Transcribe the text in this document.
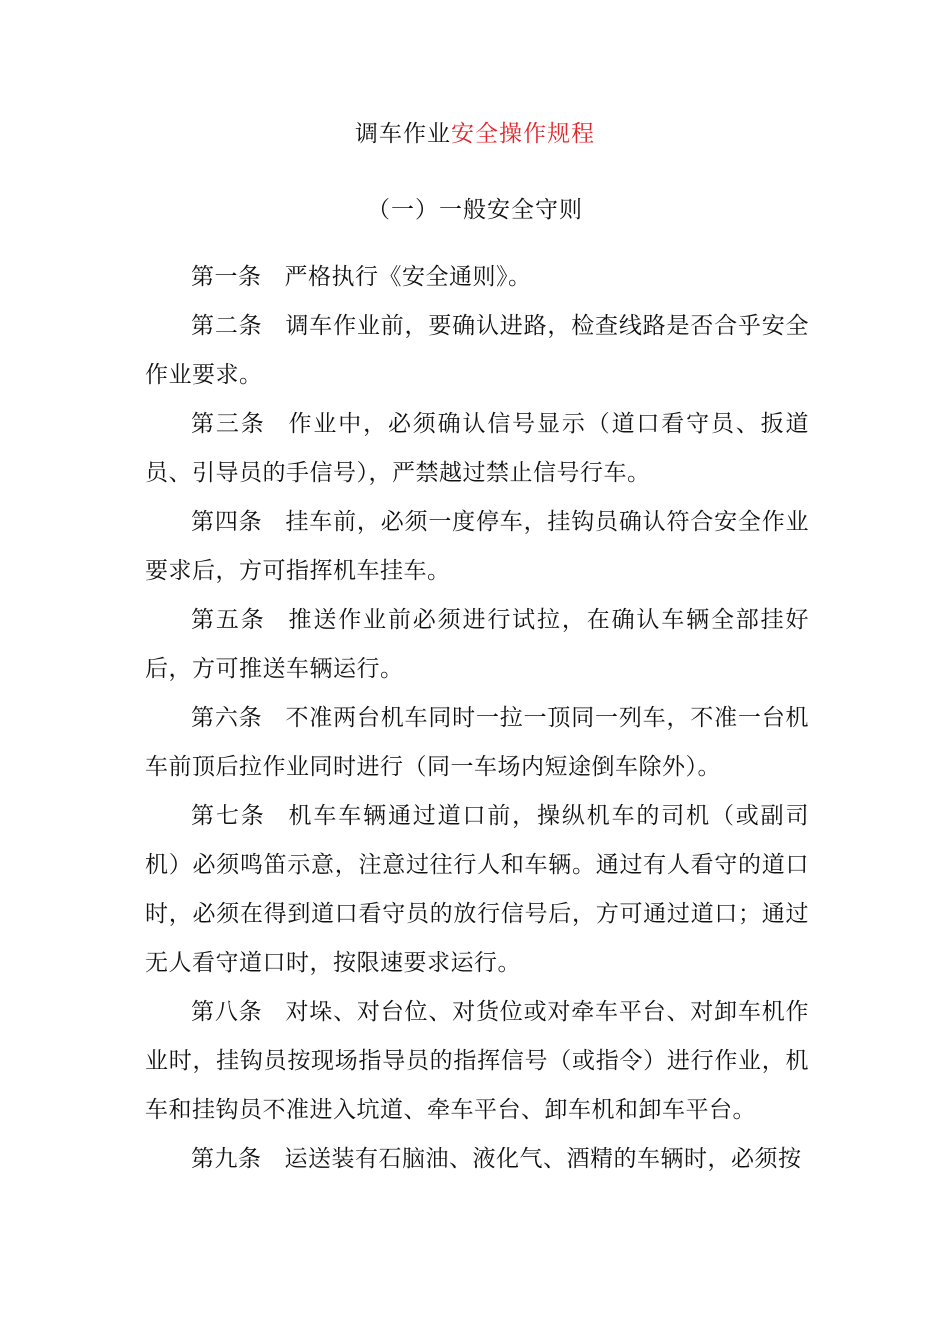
调车作业安全操作规程
（一）一般安全守则

第一条 严格执行《安全通则》。

第二条 调车作业前，要确认进路，检查线路是否合乎安全作业要求。

第三条 作业中，必须确认信号显示（道口看守员、扳道员、引导员的手信号），严禁越过禁止信号行车。

第四条 挂车前，必须一度停车，挂钩员确认符合安全作业要求后，方可指挥机车挂车。

第五条 推送作业前必须进行试拉，在确认车辆全部挂好后，方可推送车辆运行。

第六条 不准两台机车同时一拉一顶同一列车，不准一台机车前顶后拉作业同时进行（同一车场内短途倒车除外）。

第七条 机车车辆通过道口前，操纵机车的司机（或副司机）必须鸣笛示意，注意过往行人和车辆。通过有人看守的道口时，必须在得到道口看守员的放行信号后，方可通过道口；通过无人看守道口时，按限速要求运行。

第八条 对垛、对台位、对货位或对牵车平台、对卸车机作业时，挂钩员按现场指导员的指挥信号（或指令）进行作业，机车和挂钩员不准进入坑道、牵车平台、卸车机和卸车平台。

第九条 运送装有石脑油、液化气、酒精的车辆时，必须按
